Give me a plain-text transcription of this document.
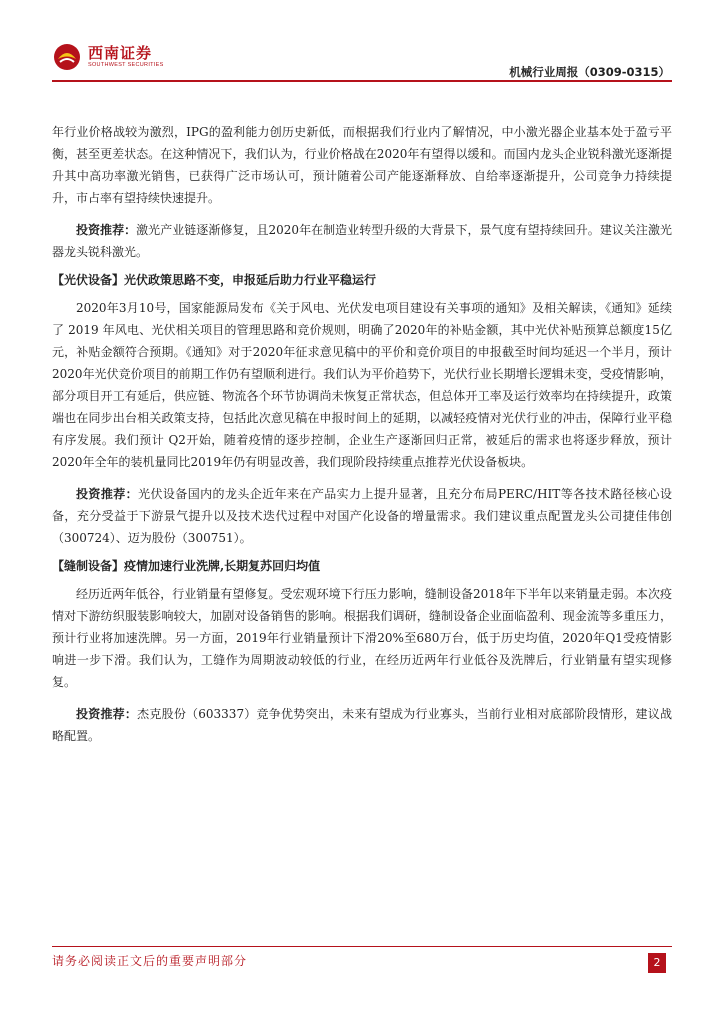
西南证券
SOUTHWEST SECURITIES
机械行业周报（0309-0315）

年行业价格战较为激烈，IPG的盈利能力创历史新低，而根据我们行业内了解情况，中小激光器企业基本处于盈亏平衡，甚至更差状态。在这种情况下，我们认为，行业价格战在2020年有望得以缓和。而国内龙头企业锐科激光逐渐提升其中高功率激光销售，已获得广泛市场认可，预计随着公司产能逐渐释放、自给率逐渐提升，公司竞争力持续提升，市占率有望持续快速提升。

投资推荐：激光产业链逐渐修复，且2020年在制造业转型升级的大背景下，景气度有望持续回升。建议关注激光器龙头锐科激光。

【光伏设备】光伏政策思路不变，申报延后助力行业平稳运行

2020年3月10号，国家能源局发布《关于风电、光伏发电项目建设有关事项的通知》及相关解读，《通知》延续了 2019 年风电、光伏相关项目的管理思路和竞价规则，明确了2020年的补贴金额，其中光伏补贴预算总额度15亿元，补贴金额符合预期。《通知》对于2020年征求意见稿中的平价和竞价项目的申报截至时间均延迟一个半月，预计2020年光伏竞价项目的前期工作仍有望顺利进行。我们认为平价趋势下，光伏行业长期增长逻辑未变，受疫情影响，部分项目开工有延后，供应链、物流各个环节协调尚未恢复正常状态，但总体开工率及运行效率均在持续提升，政策端也在同步出台相关政策支持，包括此次意见稿在申报时间上的延期，以减轻疫情对光伏行业的冲击，保障行业平稳有序发展。我们预计 Q2开始，随着疫情的逐步控制，企业生产逐渐回归正常，被延后的需求也将逐步释放，预计2020年全年的装机量同比2019年仍有明显改善，我们现阶段持续重点推荐光伏设备板块。

投资推荐：光伏设备国内的龙头企近年来在产品实力上提升显著，且充分布局PERC/HIT等各技术路径核心设备，充分受益于下游景气提升以及技术迭代过程中对国产化设备的增量需求。我们建议重点配置龙头公司捷佳伟创（300724）、迈为股份（300751）。

【缝制设备】疫情加速行业洗牌,长期复苏回归均值

经历近两年低谷，行业销量有望修复。受宏观环境下行压力影响，缝制设备2018年下半年以来销量走弱。本次疫情对下游纺织服装影响较大，加剧对设备销售的影响。根据我们调研，缝制设备企业面临盈利、现金流等多重压力，预计行业将加速洗牌。另一方面，2019年行业销量预计下滑20%至680万台，低于历史均值，2020年Q1受疫情影响进一步下滑。我们认为，工缝作为周期波动较低的行业，在经历近两年行业低谷及洗牌后，行业销量有望实现修复。

投资推荐：杰克股份（603337）竞争优势突出，未来有望成为行业寡头，当前行业相对底部阶段情形，建议战略配置。

请务必阅读正文后的重要声明部分	2
